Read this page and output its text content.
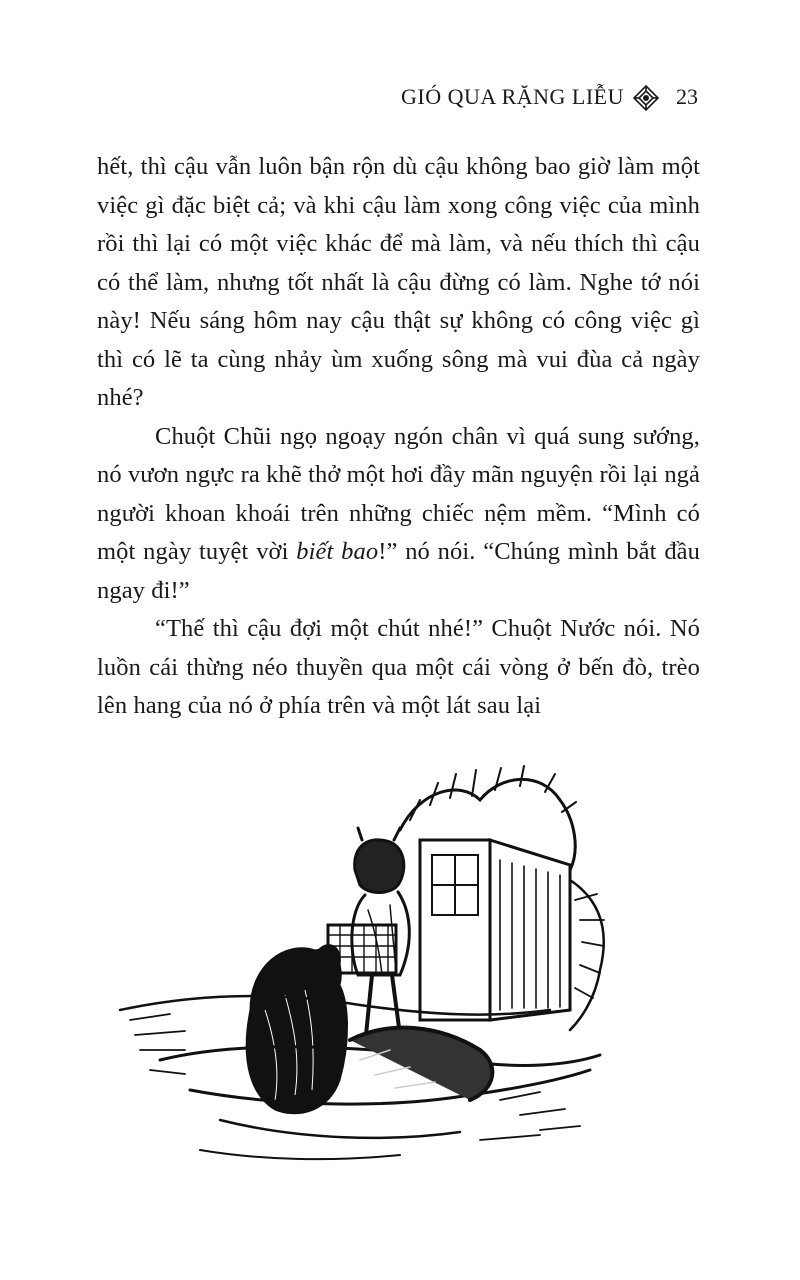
GIÓ QUA RẶNG LIỄU 23

hết, thì cậu vẫn luôn bận rộn dù cậu không bao giờ làm một việc gì đặc biệt cả; và khi cậu làm xong công việc của mình rồi thì lại có một việc khác để mà làm, và nếu thích thì cậu có thể làm, nhưng tốt nhất là cậu đừng có làm. Nghe tớ nói này! Nếu sáng hôm nay cậu thật sự không có công việc gì thì có lẽ ta cùng nhảy ùm xuống sông mà vui đùa cả ngày nhé?

Chuột Chũi ngọ ngoạy ngón chân vì quá sung sướng, nó vươn ngực ra khẽ thở một hơi đầy mãn nguyện rồi lại ngả người khoan khoái trên những chiếc nệm mềm. “Mình có một ngày tuyệt vời biết bao!” nó nói. “Chúng mình bắt đầu ngay đi!”

“Thế thì cậu đợi một chút nhé!” Chuột Nước nói. Nó luồn cái thừng néo thuyền qua một cái vòng ở bến đò, trèo lên hang của nó ở phía trên và một lát sau lại
